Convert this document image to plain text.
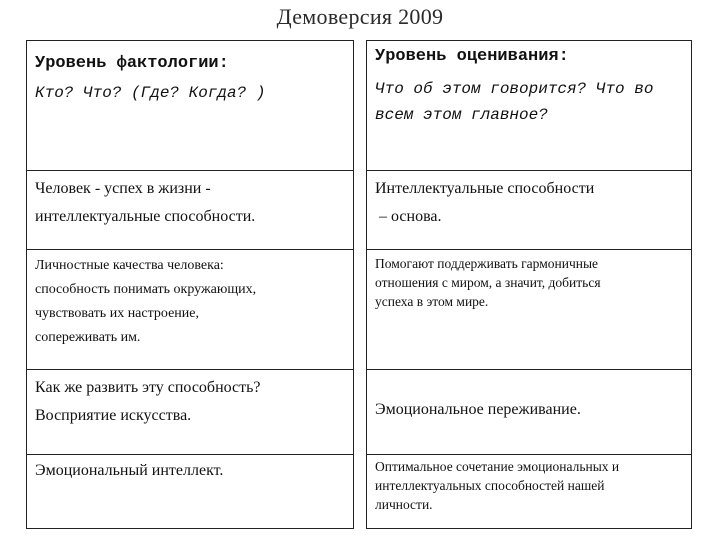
Демоверсия 2009

Уровень фактологии:

Кто? Что? (Где? Когда? )

Человек - успех в жизни -

интеллектуальные способности.

Личностные качества человека:

способность понимать окружающих,

чувствовать их настроение,

сопереживать им.

Как же развить эту способность?

Восприятие искусства.

Эмоциональный интеллект.

Уровень оценивания:

Что об этом говорится? Что во

всем этом главное?

Интеллектуальные способности

– основа.

Помогают поддерживать гармоничные

отношения с миром, а значит, добиться

успеха в этом мире.

Эмоциональное переживание.

Оптимальное сочетание эмоциональных и

интеллектуальных способностей нашей

личности.
